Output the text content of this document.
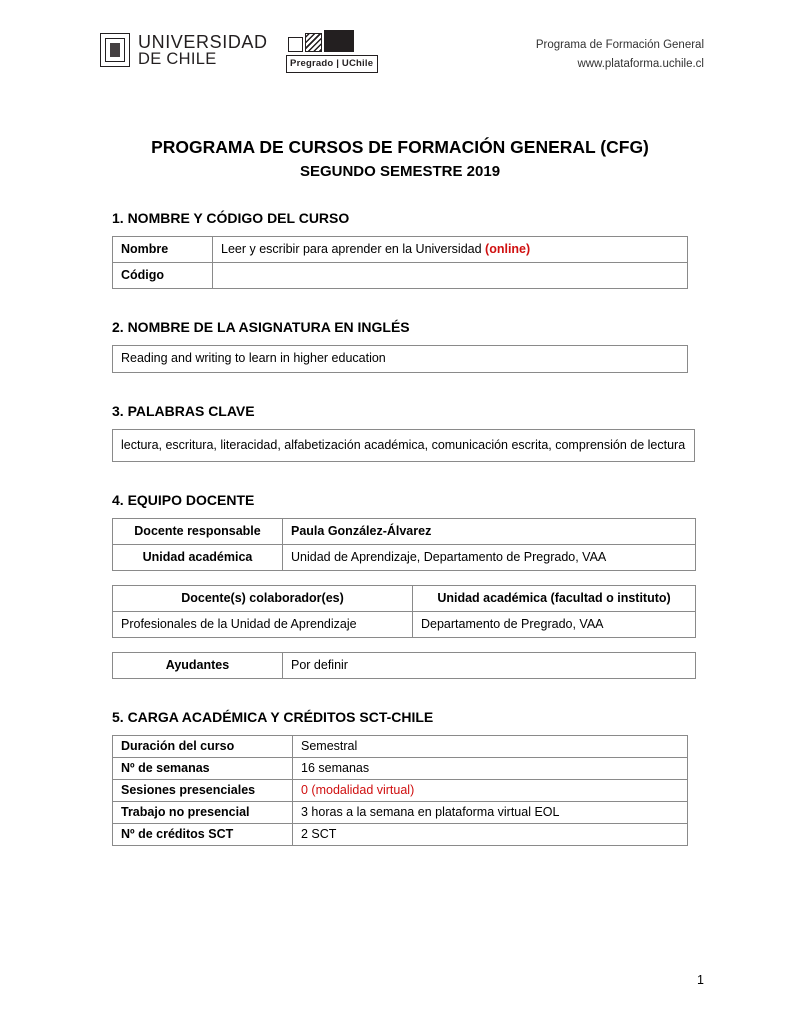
UNIVERSIDAD
DE CHILE	Pregrado | UChile
Programa de Formación General
www.plataforma.uchile.cl
PROGRAMA DE CURSOS DE FORMACIÓN GENERAL (CFG)
SEGUNDO SEMESTRE 2019
1. NOMBRE Y CÓDIGO DEL CURSO
Nombre	Leer y escribir para aprender en la Universidad (online)
Código	
2. NOMBRE DE LA ASIGNATURA EN INGLÉS
Reading and writing to learn in higher education
3. PALABRAS CLAVE
lectura, escritura, literacidad, alfabetización académica, comunicación escrita, comprensión de lectura
4. EQUIPO DOCENTE
Docente responsable	Paula González-Álvarez
Unidad académica	Unidad de Aprendizaje, Departamento de Pregrado, VAA
Docente(s) colaborador(es)	Unidad académica (facultad o instituto)
Profesionales de la Unidad de Aprendizaje	Departamento de Pregrado, VAA
Ayudantes	Por definir
5. CARGA ACADÉMICA Y CRÉDITOS SCT-CHILE
Duración del curso	Semestral
Nº de semanas	16 semanas
Sesiones presenciales	0 (modalidad virtual)
Trabajo no presencial	3 horas a la semana en plataforma virtual EOL
Nº de créditos SCT	2 SCT
1
